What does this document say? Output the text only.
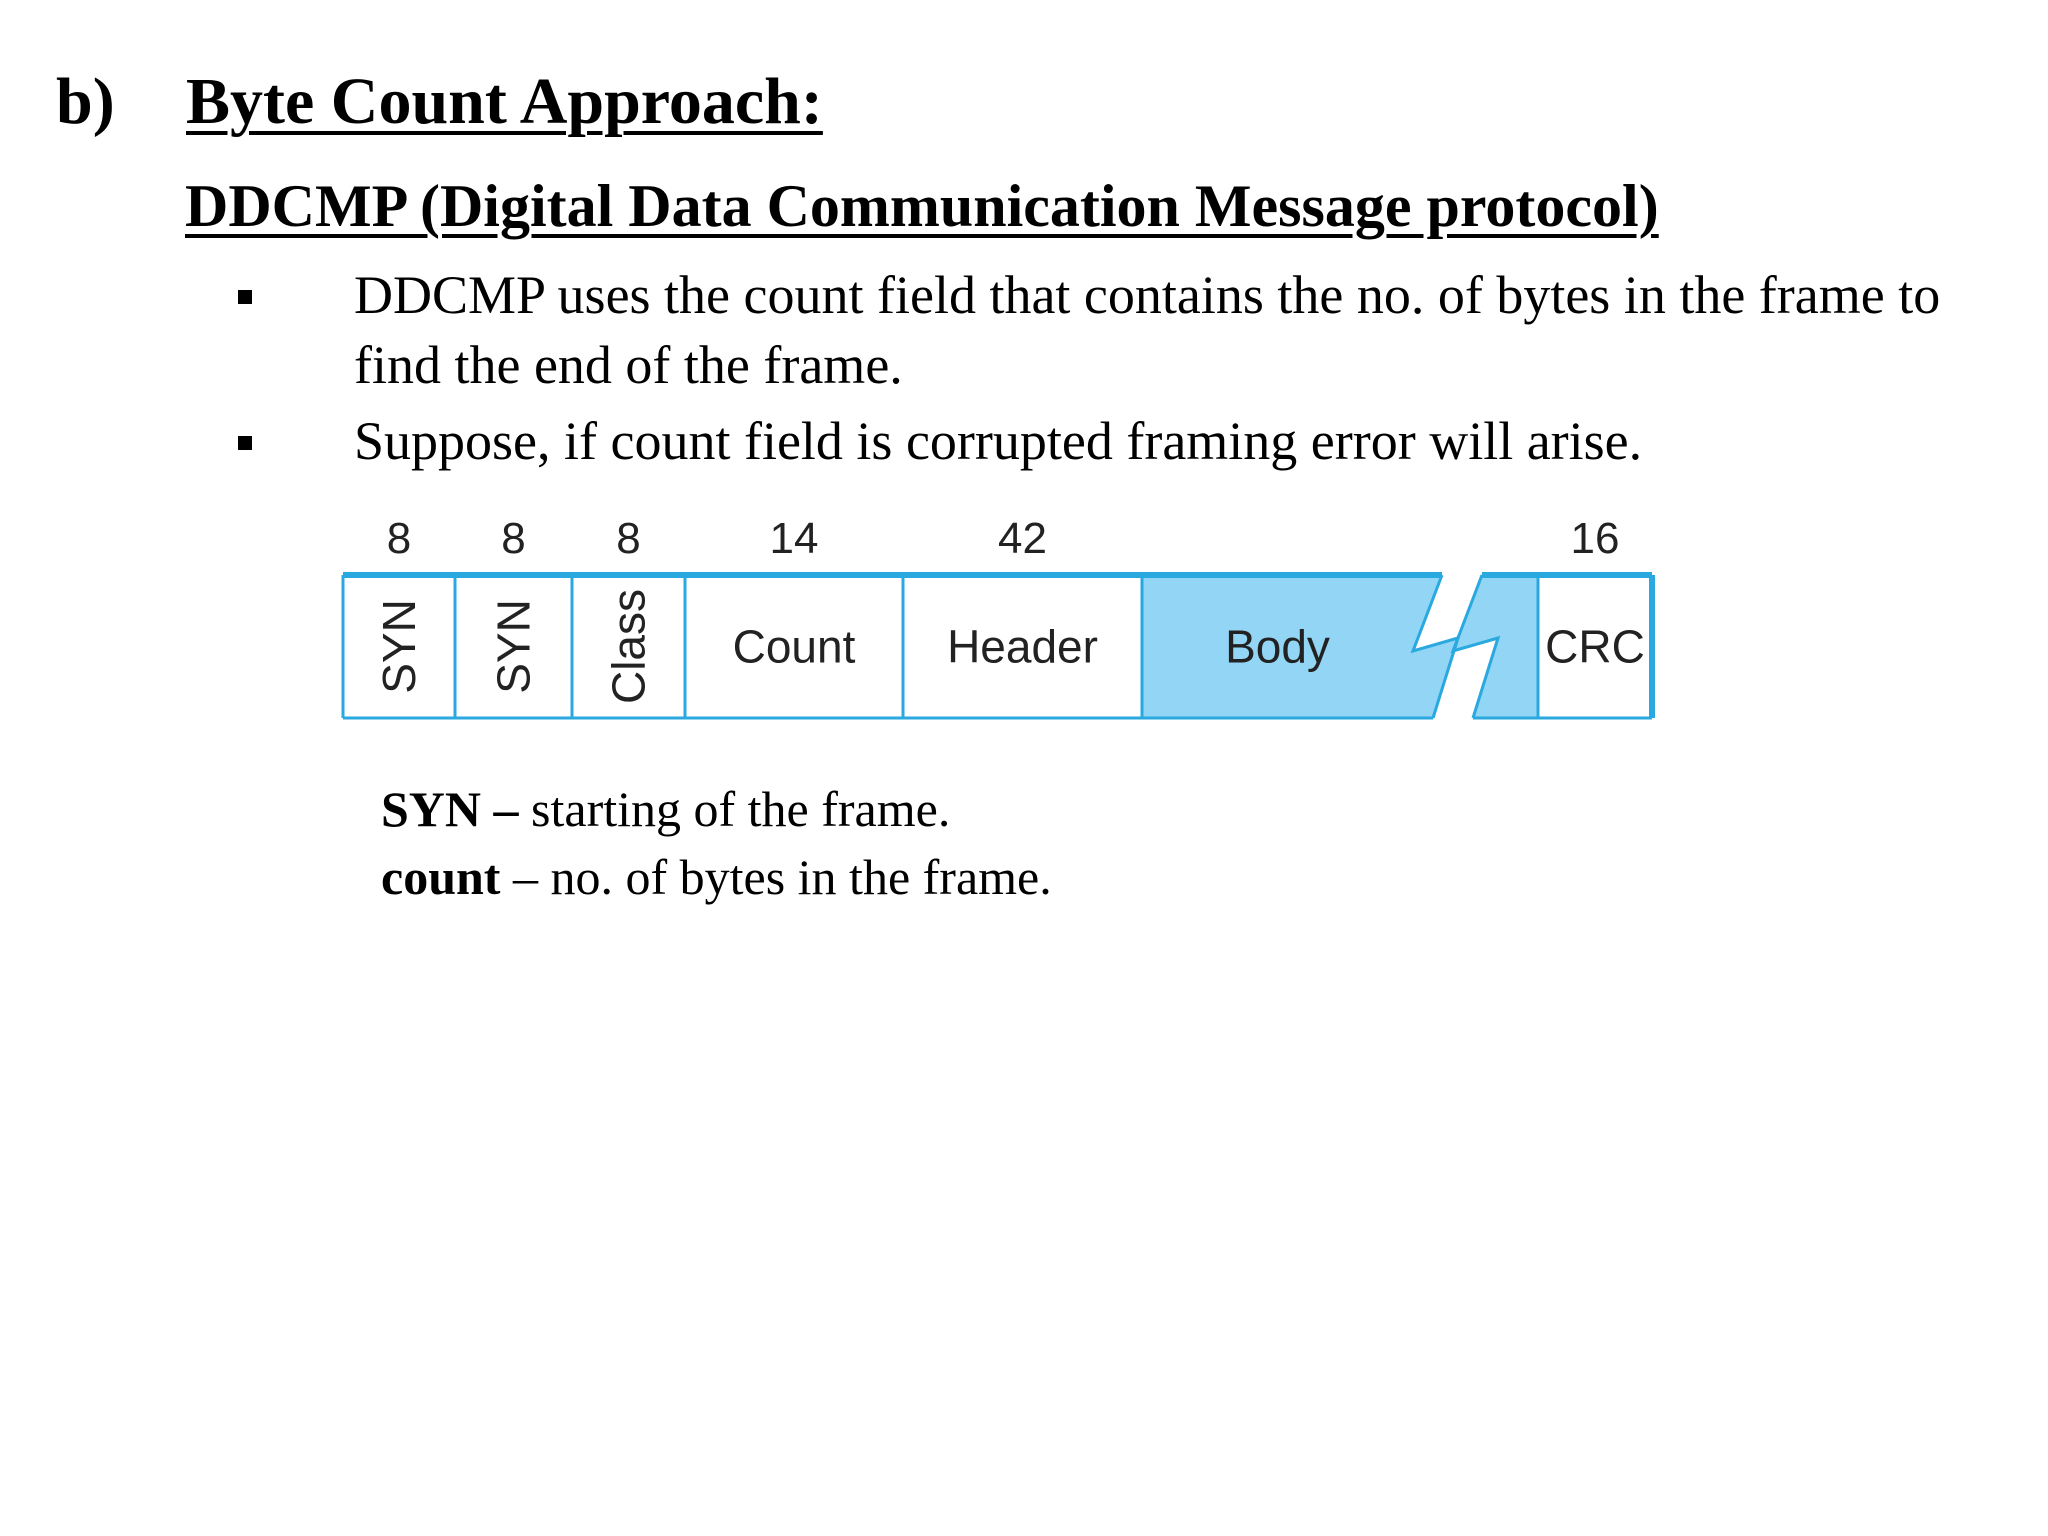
b) Byte Count Approach:
DDCMP (Digital Data Communication Message protocol)
DDCMP uses the count field that contains the no. of bytes in the frame to find the end of the frame.
Suppose, if count field is corrupted framing error will arise.
SYN
8
SYN
8
Class
8
Count
14
Header
42
Body	CRC
16
SYN – starting of the frame.
count – no. of bytes in the frame.
